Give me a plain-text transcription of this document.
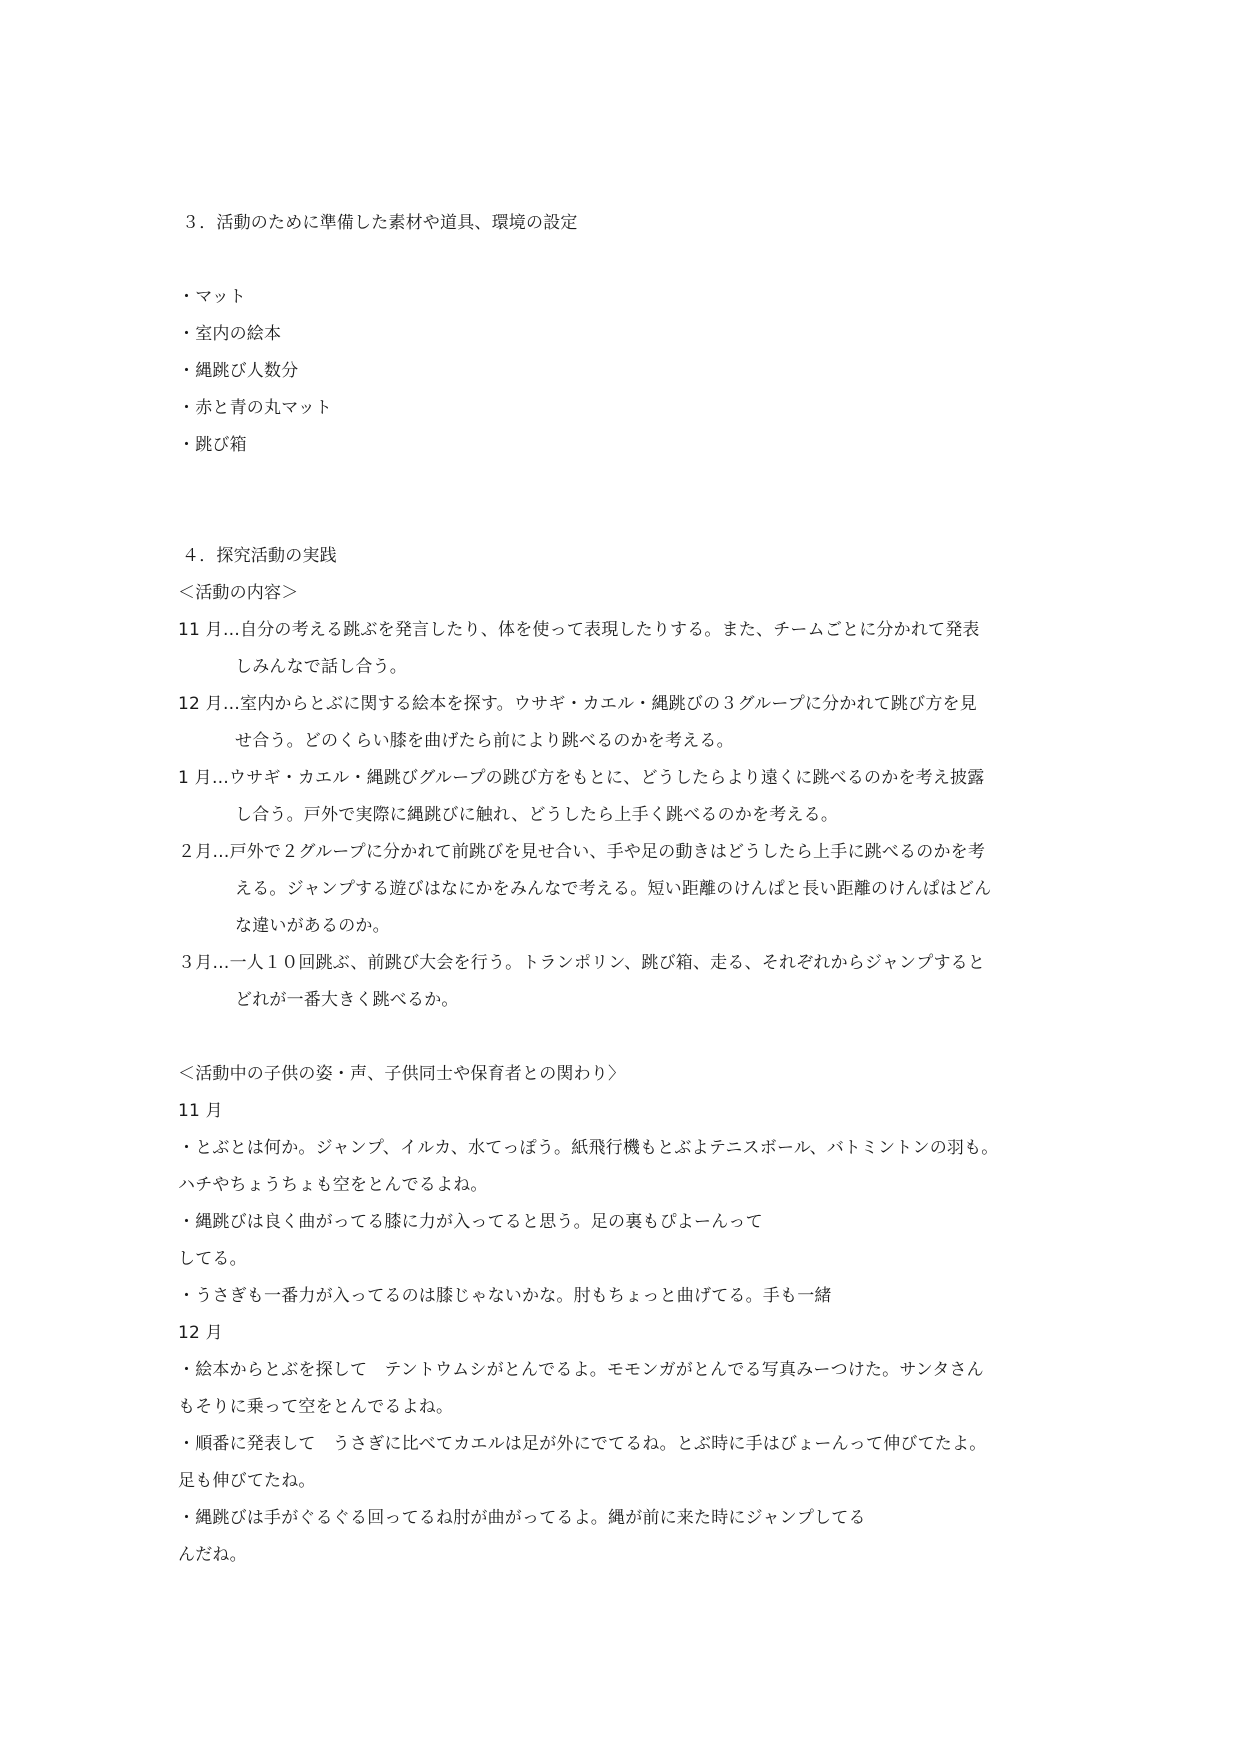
３．活動のために準備した素材や道具、環境の設定
・マット
・室内の絵本
・縄跳び人数分
・赤と青の丸マット
・跳び箱
４．探究活動の実践
＜活動の内容＞
11 月…自分の考える跳ぶを発言したり、体を使って表現したりする。また、チームごとに分かれて発表
しみんなで話し合う。
12 月…室内からとぶに関する絵本を探す。ウサギ・カエル・縄跳びの３グループに分かれて跳び方を見
せ合う。どのくらい膝を曲げたら前により跳べるのかを考える。
1 月…ウサギ・カエル・縄跳びグループの跳び方をもとに、どうしたらより遠くに跳べるのかを考え披露
し合う。戸外で実際に縄跳びに触れ、どうしたら上手く跳べるのかを考える。
２月…戸外で２グループに分かれて前跳びを見せ合い、手や足の動きはどうしたら上手に跳べるのかを考
える。ジャンプする遊びはなにかをみんなで考える。短い距離のけんぱと長い距離のけんぱはどん
な違いがあるのか。
３月…一人１０回跳ぶ、前跳び大会を行う。トランポリン、跳び箱、走る、それぞれからジャンプすると
どれが一番大きく跳べるか。
＜活動中の子供の姿・声、子供同士や保育者との関わり〉
11 月
・とぶとは何か。ジャンプ、イルカ、水てっぽう。紙飛行機もとぶよテニスボール、バトミントンの羽も。
ハチやちょうちょも空をとんでるよね。
・縄跳びは良く曲がってる膝に力が入ってると思う。足の裏もぴよーんって
してる。
・うさぎも一番力が入ってるのは膝じゃないかな。肘もちょっと曲げてる。手も一緒
12 月
・絵本からとぶを探して　テントウムシがとんでるよ。モモンガがとんでる写真みーつけた。サンタさん
もそりに乗って空をとんでるよね。
・順番に発表して　うさぎに比べてカエルは足が外にでてるね。とぶ時に手はびょーんって伸びてたよ。
足も伸びてたね。
・縄跳びは手がぐるぐる回ってるね肘が曲がってるよ。縄が前に来た時にジャンプしてる
んだね。
